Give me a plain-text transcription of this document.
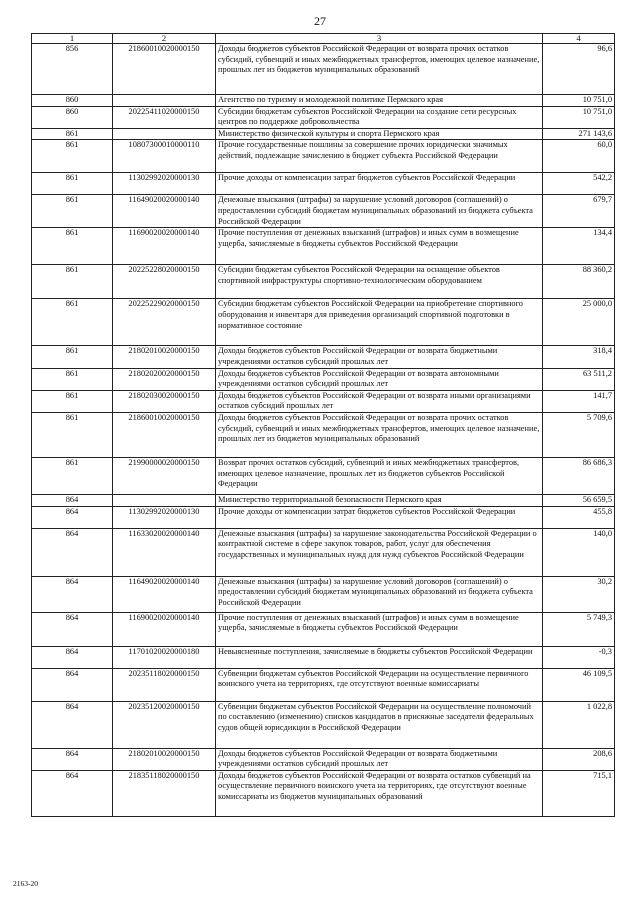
27
1	2	3	4
856	21860010020000150	Доходы бюджетов субъектов Российской Федерации от возврата прочих остатков субсидий, субвенций и иных межбюджетных трансфертов, имеющих целевое назначение, прошлых лет из бюджетов муниципальных образований	96,6
860		Агентство по туризму и молодежной политике Пермского края	10 751,0
860	20225411020000150	Субсидии бюджетам субъектов Российской Федерации на создание сети ресурсных центров по поддержке добровольчества	10 751,0
861		Министерство физической культуры и спорта Пермского края	271 143,6
861	10807300010000110	Прочие государственные пошлины за совершение прочих юридически значимых действий, подлежащие зачислению в бюджет субъекта Российской Федерации	60,0
861	11302992020000130	Прочие доходы от компенсации затрат бюджетов субъектов Российской Федерации	542,2
861	11649020020000140	Денежные взыскания (штрафы) за нарушение условий договоров (соглашений) о предоставлении субсидий бюджетам муниципальных образований из бюджета субъекта Российской Федерации	679,7
861	11690020020000140	Прочие поступления от денежных взысканий (штрафов) и иных сумм в возмещение ущерба, зачисляемые в бюджеты субъектов Российской Федерации	134,4
861	20225228020000150	Субсидии бюджетам субъектов Российской Федерации на оснащение объектов спортивной инфраструктуры спортивно-технологическим оборудованием	88 360,2
861	20225229020000150	Субсидии бюджетам субъектов Российской Федерации на приобретение спортивного оборудования и инвентаря для приведения организаций спортивной подготовки в нормативное состояние	25 000,0
861	21802010020000150	Доходы бюджетов субъектов Российской Федерации от возврата бюджетными учреждениями остатков субсидий прошлых лет	318,4
861	21802020020000150	Доходы бюджетов субъектов Российской Федерации от возврата автономными учреждениями остатков субсидий прошлых лет	63 511,2
861	21802030020000150	Доходы бюджетов субъектов Российской Федерации от возврата иными организациями остатков субсидий прошлых лет	141,7
861	21860010020000150	Доходы бюджетов субъектов Российской Федерации от возврата прочих остатков субсидий, субвенций и иных межбюджетных трансфертов, имеющих целевое назначение, прошлых лет из бюджетов муниципальных образований	5 709,6
861	21990000020000150	Возврат прочих остатков субсидий, субвенций и иных межбюджетных трансфертов, имеющих целевое назначение, прошлых лет из бюджетов субъектов Российской Федерации	86 686,3
864		Министерство территориальной безопасности Пермского края	56 659,5
864	11302992020000130	Прочие доходы от компенсации затрат бюджетов субъектов Российской Федерации	455,8
864	11633020020000140	Денежные взыскания (штрафы) за нарушение законодательства Российской Федерации о контрактной системе в сфере закупок товаров, работ, услуг для обеспечения государственных и муниципальных нужд для нужд субъектов Российской Федерации	140,0
864	11649020020000140	Денежные взыскания (штрафы) за нарушение условий договоров (соглашений) о предоставлении субсидий бюджетам муниципальных образований из бюджета субъекта Российской Федерации	30,2
864	11690020020000140	Прочие поступления от денежных взысканий (штрафов) и иных сумм в возмещение ущерба, зачисляемые в бюджеты субъектов Российской Федерации	5 749,3
864	11701020020000180	Невыясненные поступления, зачисляемые в бюджеты субъектов Российской Федерации	-0,3
864	20235118020000150	Субвенции бюджетам субъектов Российской Федерации на осуществление первичного воинского учета на территориях, где отсутствуют военные комиссариаты	46 109,5
864	20235120020000150	Субвенции бюджетам субъектов Российской Федерации на осуществление полномочий по составлению (изменению) списков кандидатов в присяжные заседатели федеральных судов общей юрисдикции в Российской Федерации	1 022,8
864	21802010020000150	Доходы бюджетов субъектов Российской Федерации от возврата бюджетными учреждениями остатков субсидий прошлых лет	208,6
864	21835118020000150	Доходы бюджетов субъектов Российской Федерации от возврата остатков субвенций на осуществление первичного воинского учета на территориях, где отсутствуют военные комиссариаты из бюджетов муниципальных образований	715,1
2163-20
